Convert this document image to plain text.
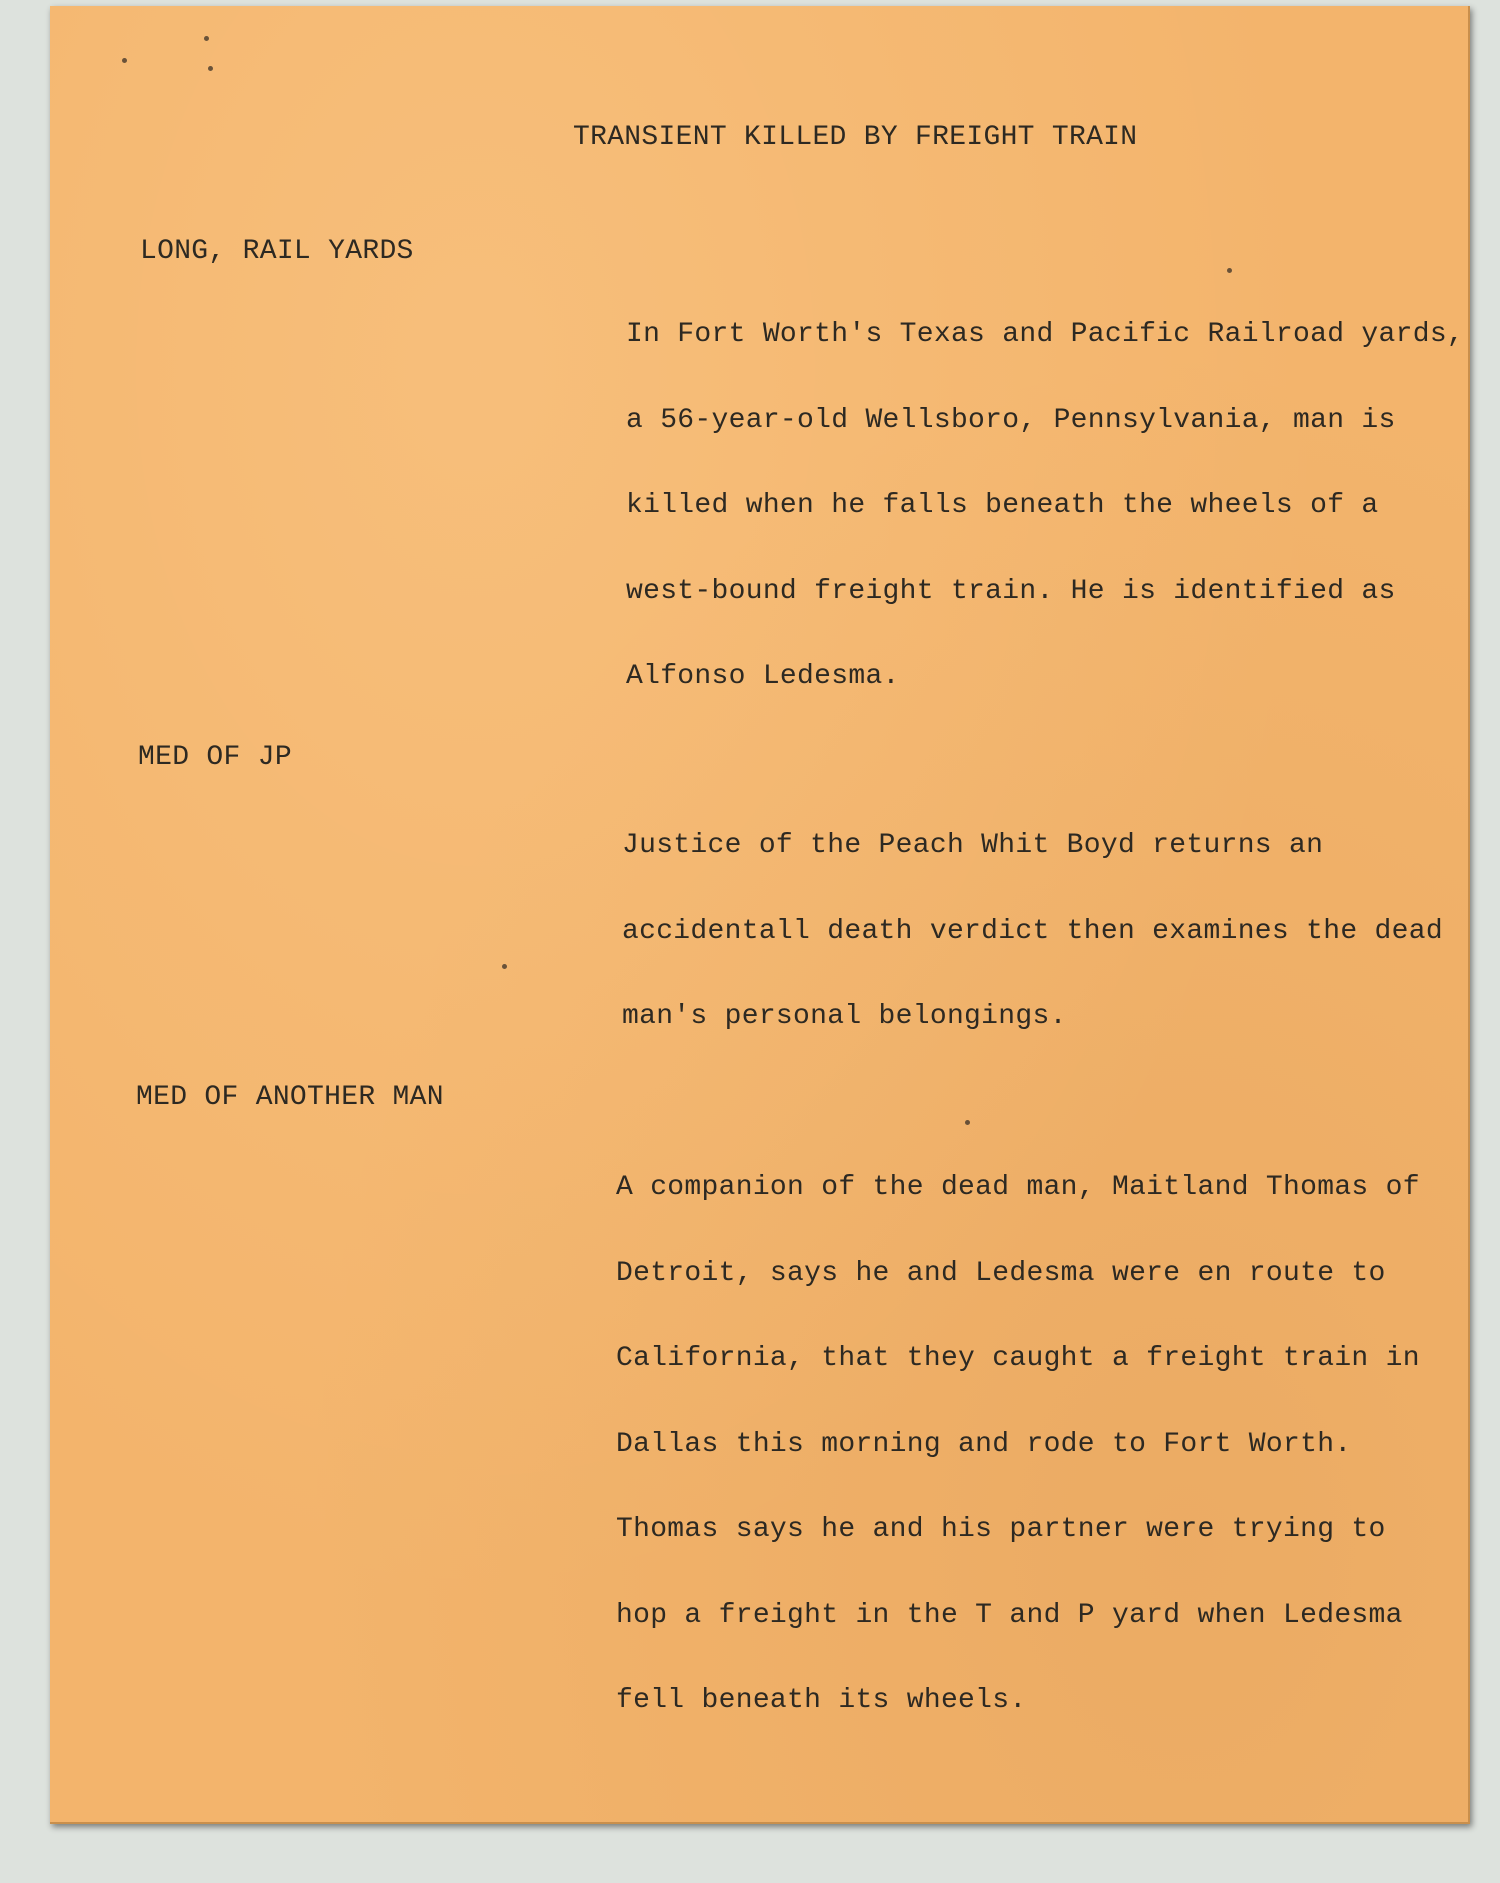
TRANSIENT KILLED BY FREIGHT TRAIN
LONG, RAIL YARDS
MED OF JP
MED OF ANOTHER MAN
In Fort Worth's Texas and Pacific Railroad yards,
a 56-year-old Wellsboro, Pennsylvania, man is
killed when he falls beneath the wheels of a
west-bound freight train. He is identified as
Alfonso Ledesma.
Justice of the Peach Whit Boyd returns an
accidentall death verdict then examines the dead
man's personal belongings.
A companion of the dead man, Maitland Thomas of
Detroit, says he and Ledesma were en route to
California, that they caught a freight train in
Dallas this morning and rode to Fort Worth.
Thomas says he and his partner were trying to
hop a freight in the T and P yard when Ledesma
fell beneath its wheels.
